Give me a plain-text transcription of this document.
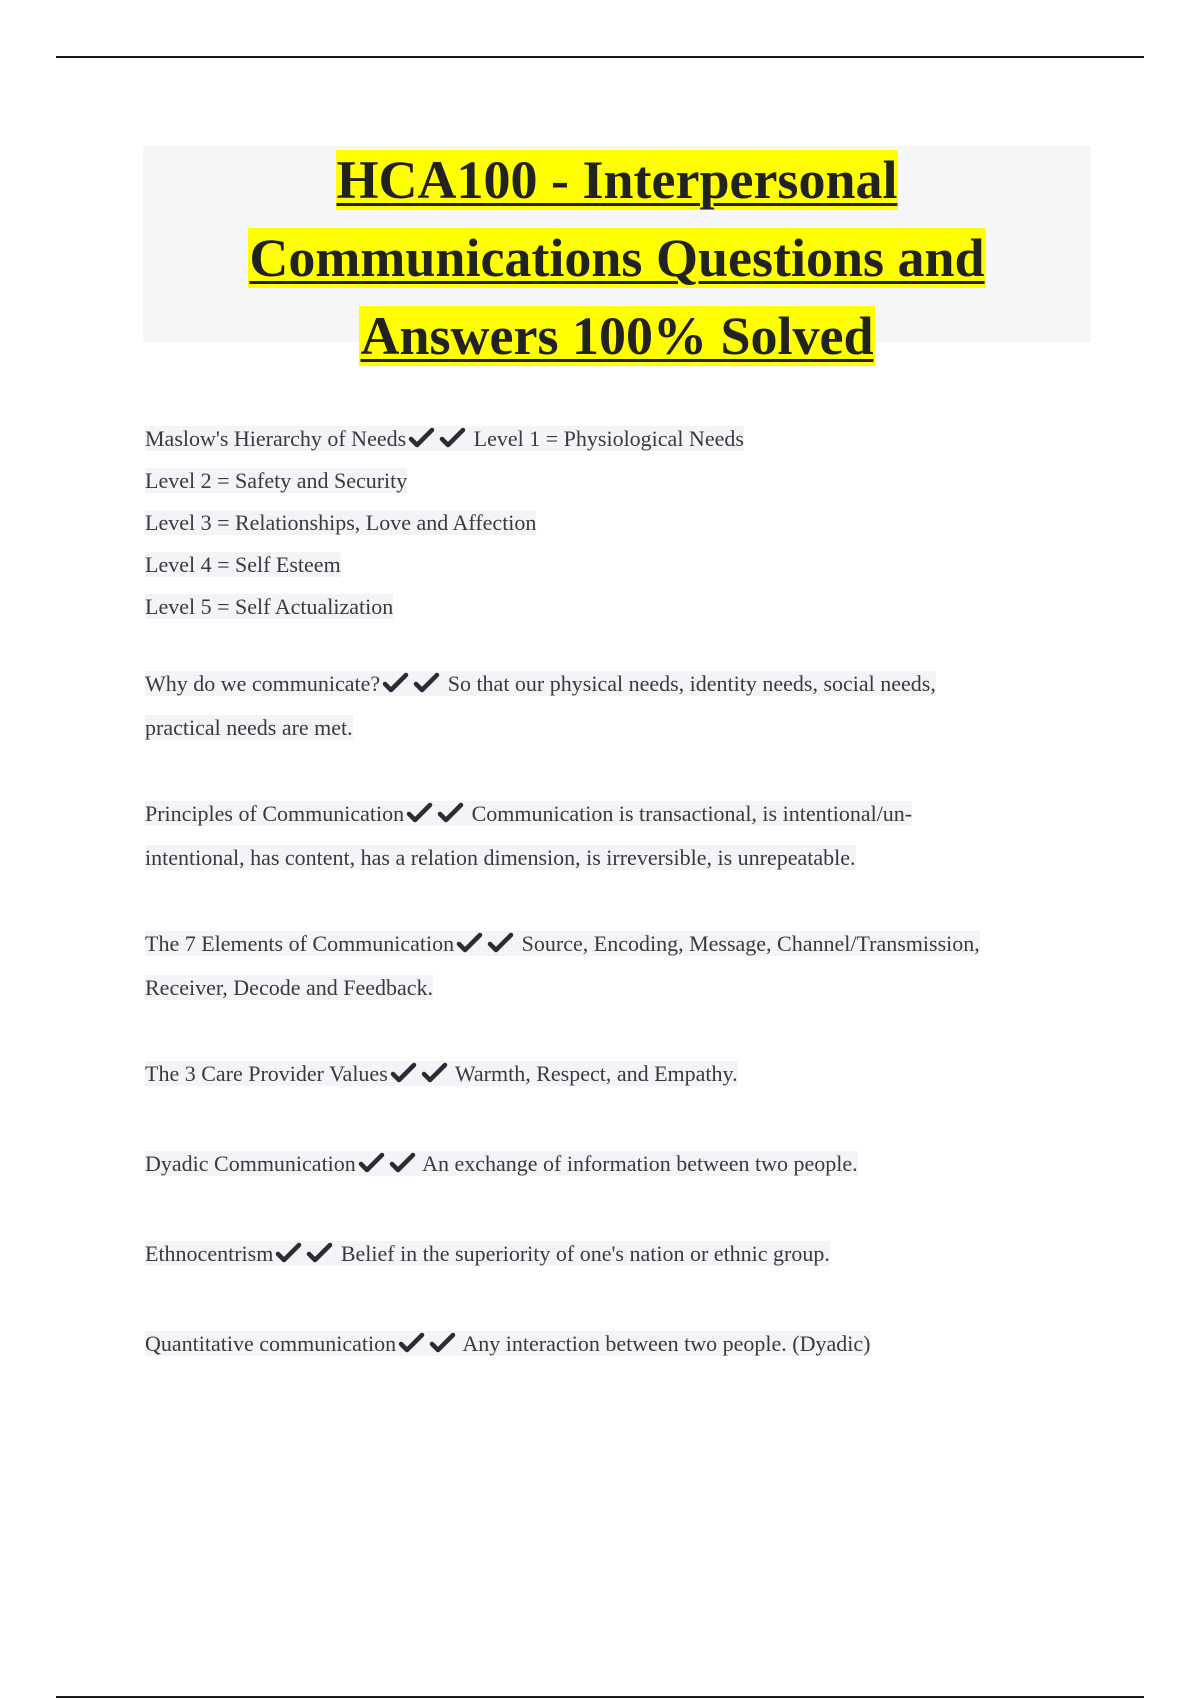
HCA100 - Interpersonal
Communications Questions and
Answers 100% Solved

Maslow's Hierarchy of Needs	Level 1 = Physiological Needs

Level 2 = Safety and Security

Level 3 = Relationships, Love and Affection

Level 4 = Self Esteem

Level 5 = Self Actualization

Why do we communicate?	So that our physical needs, identity needs, social needs,

practical needs are met.

Principles of Communication	Communication is transactional, is intentional/un-

intentional, has content, has a relation dimension, is irreversible, is unrepeatable.

The 7 Elements of Communication	Source, Encoding, Message, Channel/Transmission,

Receiver, Decode and Feedback.

The 3 Care Provider Values	Warmth, Respect, and Empathy.

Dyadic Communication	An exchange of information between two people.

Ethnocentrism	Belief in the superiority of one's nation or ethnic group.

Quantitative communication	Any interaction between two people. (Dyadic)
